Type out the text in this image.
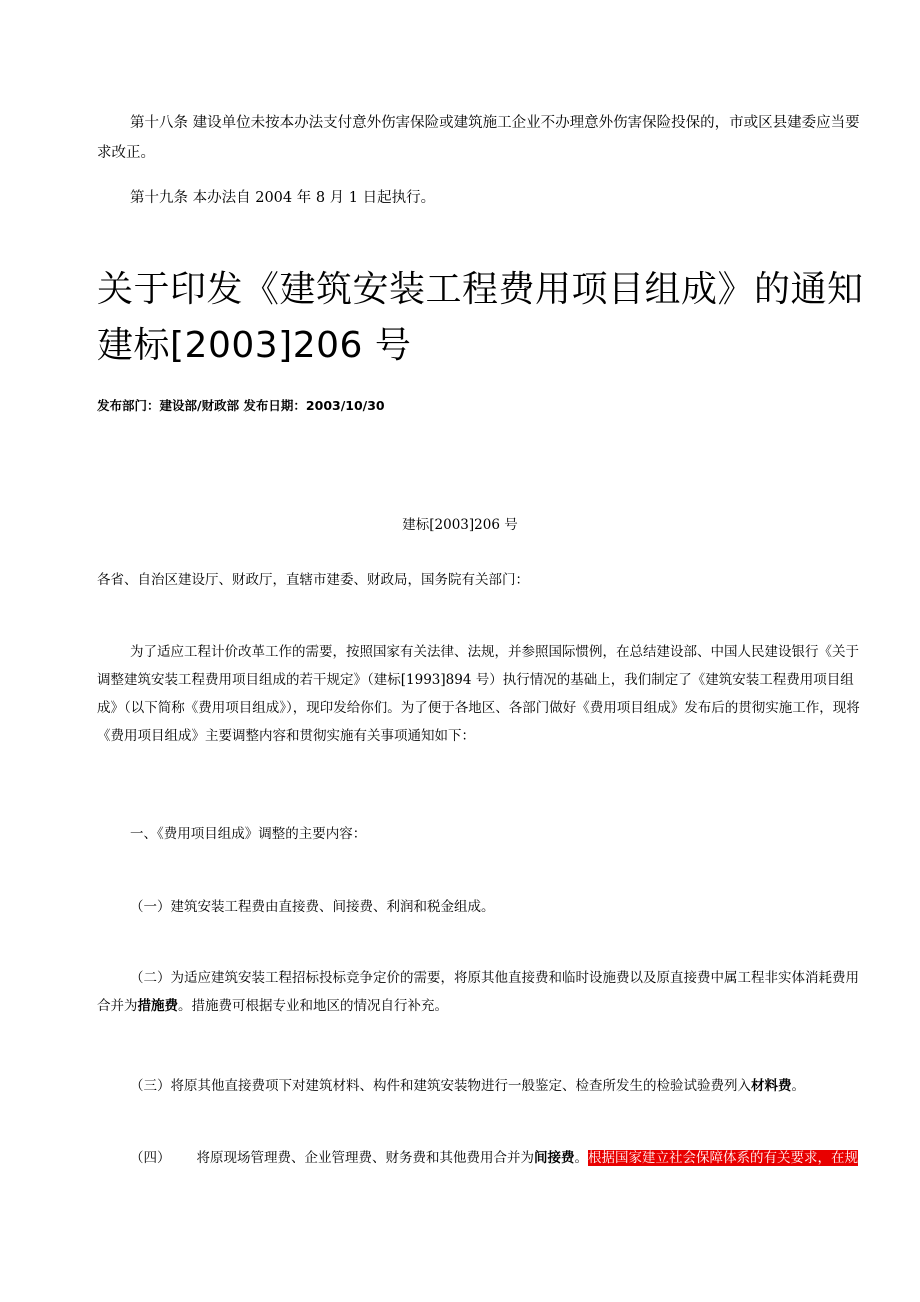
第十八条 建设单位未按本办法支付意外伤害保险或建筑施工企业不办理意外伤害保险投保的，市或区县建委应当要求改正。

第十九条 本办法自 2004 年 8 月 1 日起执行。

关于印发《建筑安装工程费用项目组成》的通知 建标[2003]206 号
发布部门：建设部/财政部 发布日期：2003/10/30
建标[2003]206 号

各省、自治区建设厅、财政厅，直辖市建委、财政局，国务院有关部门：

为了适应工程计价改革工作的需要，按照国家有关法律、法规，并参照国际惯例，在总结建设部、中国人民建设银行《关于调整建筑安装工程费用项目组成的若干规定》（建标[1993]894 号）执行情况的基础上，我们制定了《建筑安装工程费用项目组成》（以下简称《费用项目组成》），现印发给你们。为了便于各地区、各部门做好《费用项目组成》发布后的贯彻实施工作，现将《费用项目组成》主要调整内容和贯彻实施有关事项通知如下：

一、《费用项目组成》调整的主要内容：

（一）建筑安装工程费由直接费、间接费、利润和税金组成。

（二）为适应建筑安装工程招标投标竞争定价的需要，将原其他直接费和临时设施费以及原直接费中属工程非实体消耗费用合并为措施费。措施费可根据专业和地区的情况自行补充。

（三）将原其他直接费项下对建筑材料、构件和建筑安装物进行一般鉴定、检查所发生的检验试验费列入材料费。

（四） 将原现场管理费、企业管理费、财务费和其他费用合并为间接费。根据国家建立社会保障体系的有关要求，在规
